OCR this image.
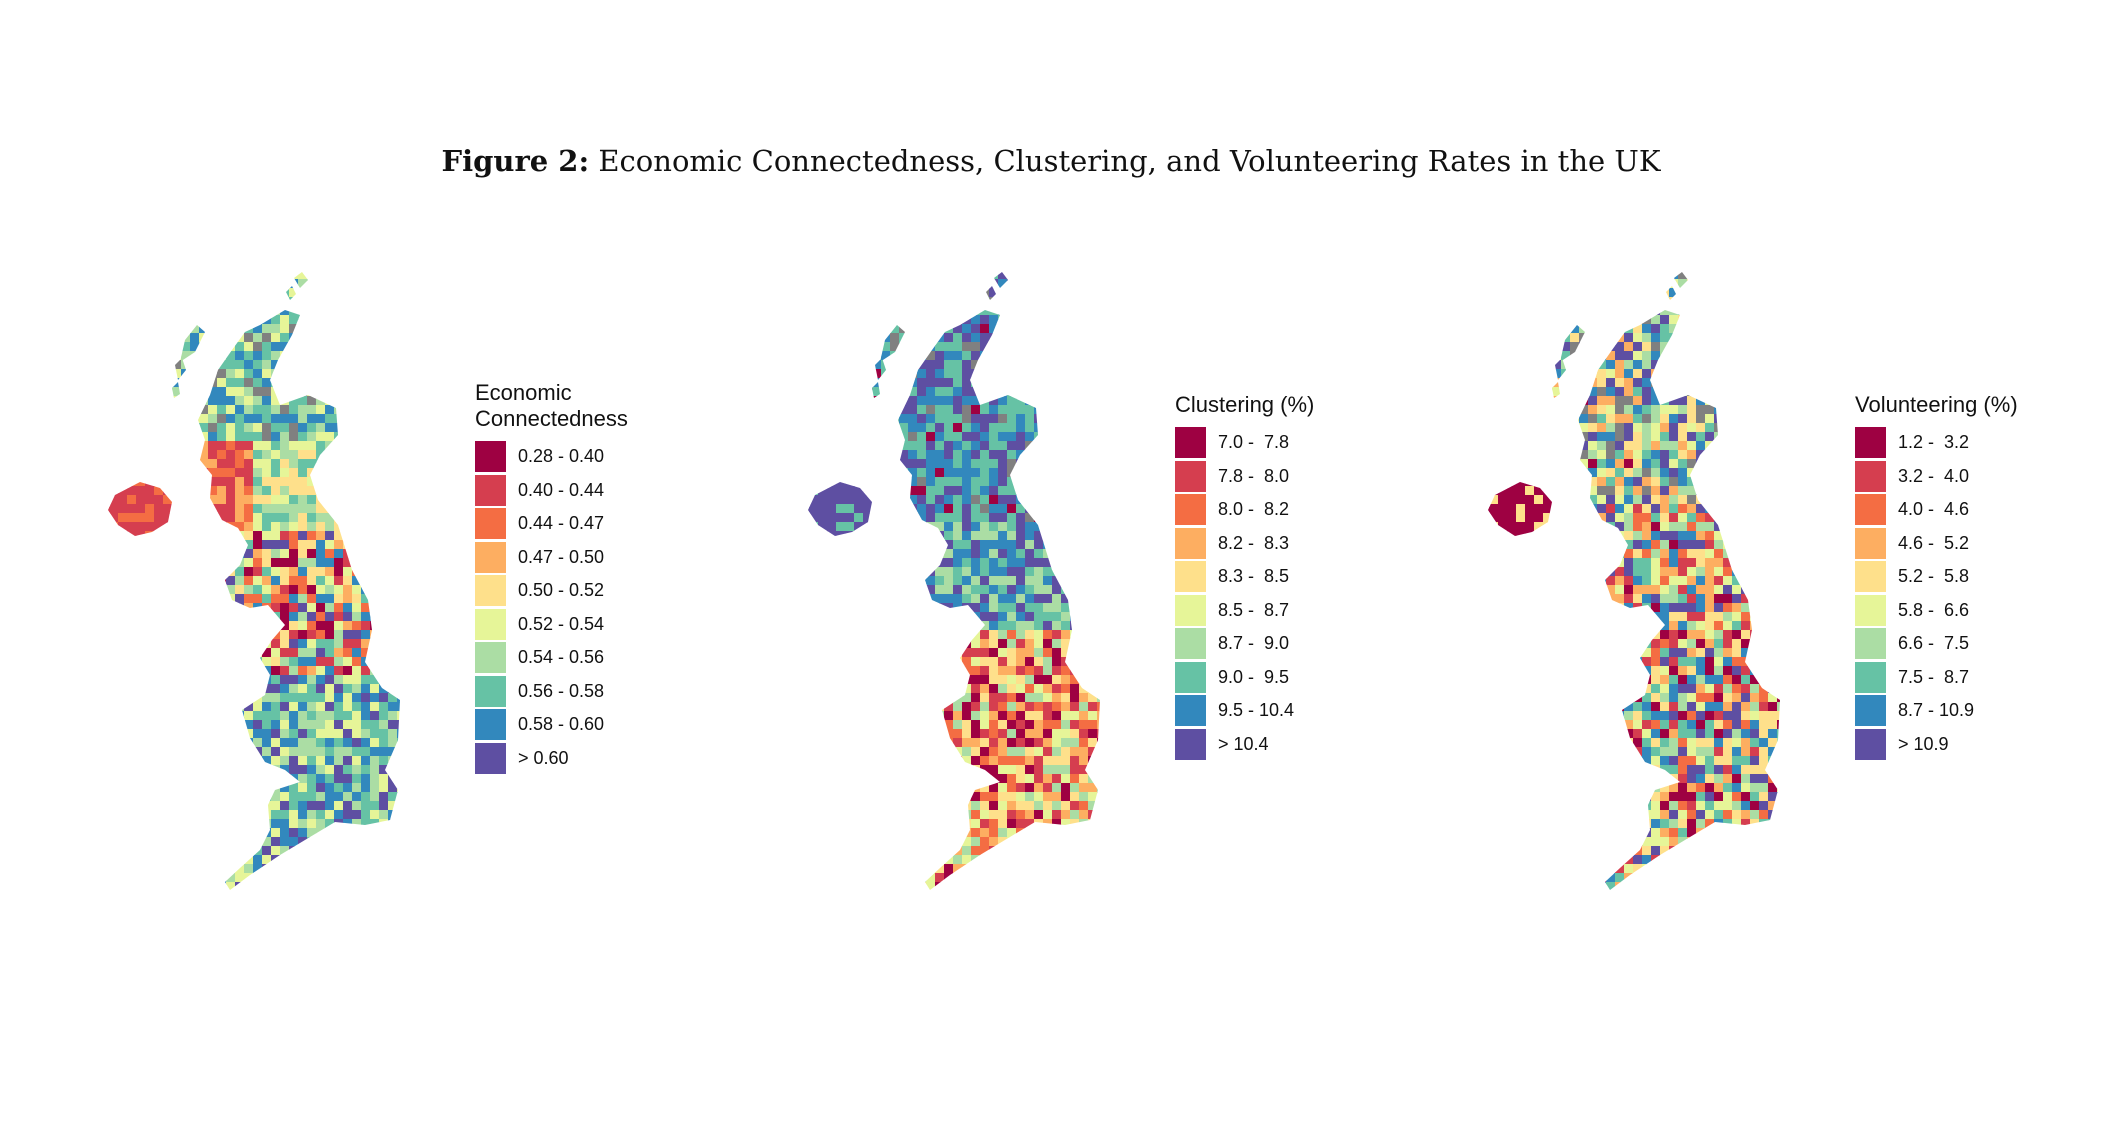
Figure 2: Economic Connectedness, Clustering, and Volunteering Rates in the UK
Economic
Connectedness
0.28 - 0.40
0.40 - 0.44
0.44 - 0.47
0.47 - 0.50
0.50 - 0.52
0.52 - 0.54
0.54 - 0.56
0.56 - 0.58
0.58 - 0.60
> 0.60
Clustering (%)
7.0 -  7.8
7.8 -  8.0
8.0 -  8.2
8.2 -  8.3
8.3 -  8.5
8.5 -  8.7
8.7 -  9.0
9.0 -  9.5
9.5 - 10.4
> 10.4
Volunteering (%)
1.2 -  3.2
3.2 -  4.0
4.0 -  4.6
4.6 -  5.2
5.2 -  5.8
5.8 -  6.6
6.6 -  7.5
7.5 -  8.7
8.7 - 10.9
> 10.9
